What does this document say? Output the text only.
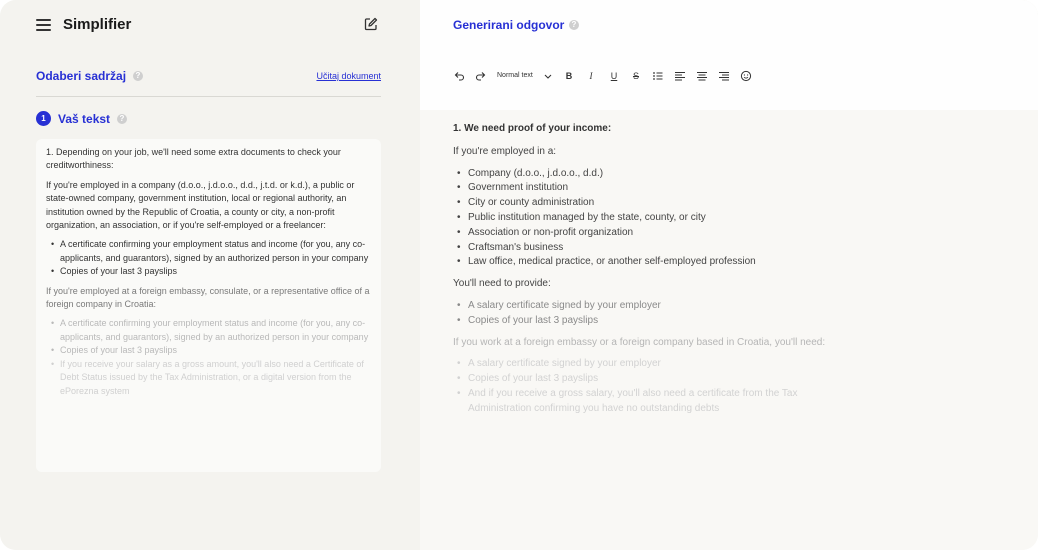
Simplifier
Odaberi sadržaj	?	Učitaj dokument
1	Vaš tekst	?

1. Depending on your job, we'll need some extra documents to check your creditworthiness:

If you're employed in a company (d.o.o., j.d.o.o., d.d., j.t.d. or k.d.), a public or state-owned company, government institution, local or regional authority, an institution owned by the Republic of Croatia, a county or city, a non-profit organization, an association, or if you're self-employed or a freelancer:

• A certificate confirming your employment status and income (for you, any co-applicants, and guarantors), signed by an authorized person in your company
• Copies of your last 3 payslips

If you're employed at a foreign embassy, consulate, or a representative office of a foreign company in Croatia:

• A certificate confirming your employment status and income (for you, any co-applicants, and guarantors), signed by an authorized person in your company
• Copies of your last 3 payslips
• If you receive your salary as a gross amount, you'll also need a Certificate of Debt Status issued by the Tax Administration, or a digital version from the ePorezna system
Generirani odgovor ?
Normal text	B	I	U	S
1. We need proof of your income:

If you're employed in a:

• Company (d.o.o., j.d.o.o., d.d.)
• Government institution
• City or county administration
• Public institution managed by the state, county, or city
• Association or non-profit organization
• Craftsman's business
• Law office, medical practice, or another self-employed profession

You'll need to provide:

• A salary certificate signed by your employer
• Copies of your last 3 payslips

If you work at a foreign embassy or a foreign company based in Croatia, you'll need:

• A salary certificate signed by your employer
• Copies of your last 3 payslips
• And if you receive a gross salary, you'll also need a certificate from the Tax Administration confirming you have no outstanding debts
